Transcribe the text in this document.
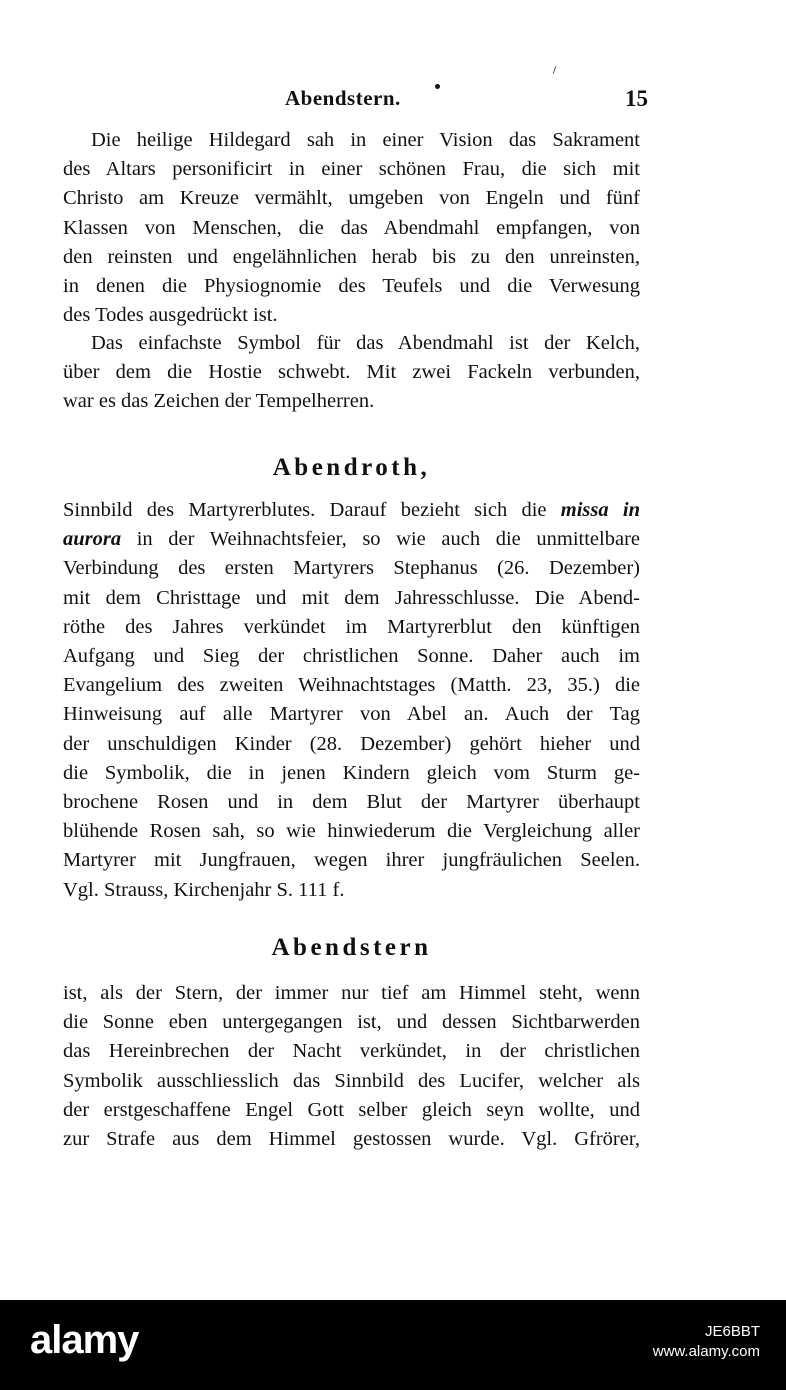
Abendstern.	15
Die heilige Hildegard sah in einer Vision das Sakrament
des Altars personificirt in einer schönen Frau, die sich mit
Christo am Kreuze vermählt, umgeben von Engeln und fünf
Klassen von Menschen, die das Abendmahl empfangen, von
den reinsten und engelähnlichen herab bis zu den unreinsten,
in denen die Physiognomie des Teufels und die Verwesung
des Todes ausgedrückt ist.
Das einfachste Symbol für das Abendmahl ist der Kelch,
über dem die Hostie schwebt. Mit zwei Fackeln verbunden,
war es das Zeichen der Tempelherren.
Abendroth,
Sinnbild des Martyrerblutes. Darauf bezieht sich die missa in
aurora in der Weihnachtsfeier, so wie auch die unmittelbare
Verbindung des ersten Martyrers Stephanus (26. Dezember)
mit dem Christtage und mit dem Jahresschlusse. Die Abend-
röthe des Jahres verkündet im Martyrerblut den künftigen
Aufgang und Sieg der christlichen Sonne. Daher auch im
Evangelium des zweiten Weihnachtstages (Matth. 23, 35.) die
Hinweisung auf alle Martyrer von Abel an. Auch der Tag
der unschuldigen Kinder (28. Dezember) gehört hieher und
die Symbolik, die in jenen Kindern gleich vom Sturm ge-
brochene Rosen und in dem Blut der Martyrer überhaupt
blühende Rosen sah, so wie hinwiederum die Vergleichung aller
Martyrer mit Jungfrauen, wegen ihrer jungfräulichen Seelen.
Vgl. Strauss, Kirchenjahr S. 111 f.
Abendstern
ist, als der Stern, der immer nur tief am Himmel steht, wenn
die Sonne eben untergegangen ist, und dessen Sichtbarwerden
das Hereinbrechen der Nacht verkündet, in der christlichen
Symbolik ausschliesslich das Sinnbild des Lucifer, welcher als
der erstgeschaffene Engel Gott selber gleich seyn wollte, und
zur Strafe aus dem Himmel gestossen wurde. Vgl. Gfrörer,
alamy	JE6BBT
www.alamy.com
